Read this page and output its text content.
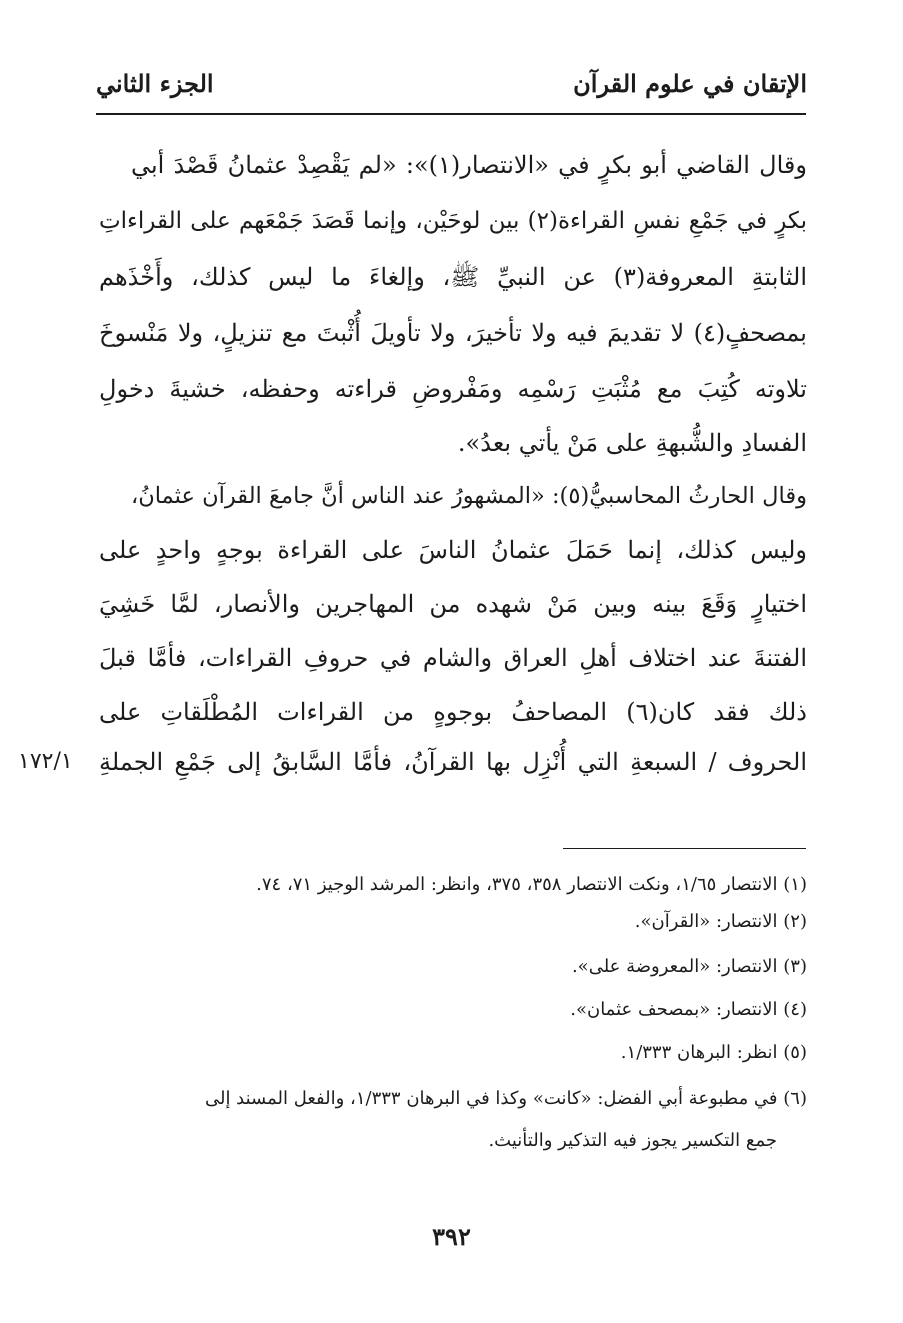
الإتقان في علوم القرآن
الجزء الثاني
وقال القاضي أبو بكرٍ في «الانتصار(١)»: «لم يَقْصِدْ عثمانُ قَصْدَ أبي
بكرٍ في جَمْعِ نفسِ القراءة(٢) بين لوحَيْن، وإنما قَصَدَ جَمْعَهم على القراءاتِ
الثابتةِ المعروفة(٣) عن النبيِّ ﷺ، وإلغاءَ ما ليس كذلك، وأَخْذَهم
بمصحفٍ(٤) لا تقديمَ فيه ولا تأخيرَ، ولا تأويلَ أُثْبتَ مع تنزيلٍ، ولا مَنْسوخَ
تلاوته كُتِبَ مع مُثْبَتِ رَسْمِه ومَفْروضِ قراءته وحفظه، خشيةَ دخولِ
الفسادِ والشُّبهةِ على مَنْ يأتي بعدُ».
وقال الحارثُ المحاسبيُّ(٥): «المشهورُ عند الناس أنَّ جامعَ القرآن عثمانُ،
وليس كذلك، إنما حَمَلَ عثمانُ الناسَ على القراءة بوجهٍ واحدٍ على
اختيارٍ وَقَعَ بينه وبين مَنْ شهده من المهاجرين والأنصار، لمَّا خَشِيَ
الفتنةَ عند اختلاف أهلِ العراق والشام في حروفِ القراءات، فأمَّا قبلَ
ذلك فقد كان(٦) المصاحفُ بوجوهٍ من القراءات المُطْلَقاتِ على
الحروف / السبعةِ التي أُنْزِل بها القرآنُ، فأمَّا السَّابقُ إلى جَمْعِ الجملةِ
١٧٢/١
(١) الانتصار ١/٦٥، ونكت الانتصار ٣٥٨، ٣٧٥، وانظر: المرشد الوجيز ٧١، ٧٤.
(٢) الانتصار: «القرآن».
(٣) الانتصار: «المعروضة على».
(٤) الانتصار: «بمصحف عثمان».
(٥) انظر: البرهان ١/٣٣٣.
(٦) في مطبوعة أبي الفضل: «كانت» وكذا في البرهان ١/٣٣٣، والفعل المسند إلى
جمع التكسير يجوز فيه التذكير والتأنيث.
٣٩٢
